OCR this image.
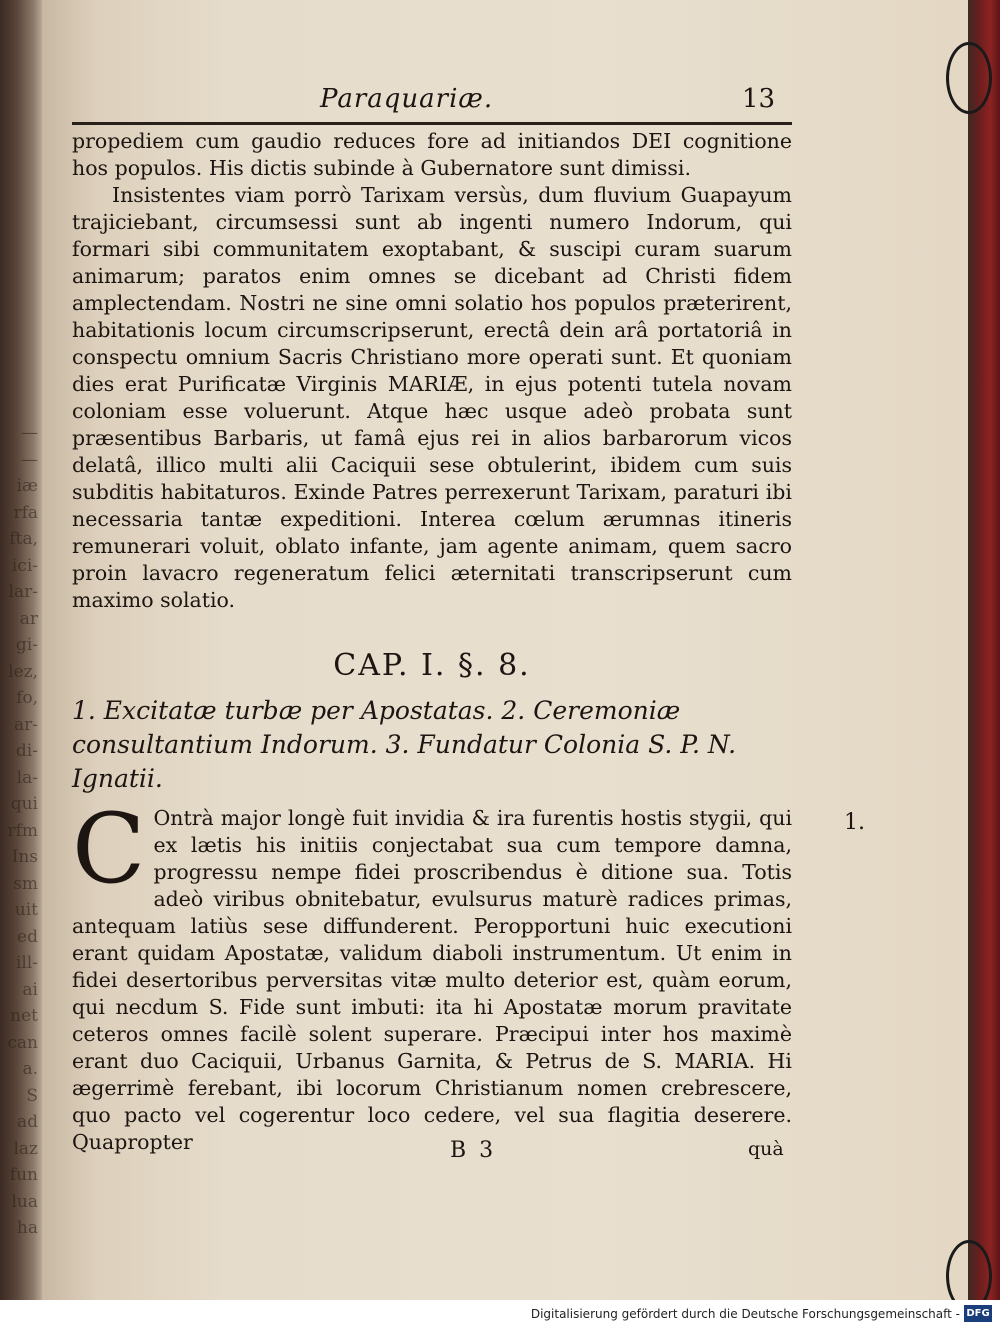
—
—
iæ
rfa
fta,
ici-
lar-
ar
gi-
lez,
fo,
ar-
di-
la-
qui
rfm
Ins
sm
uit
ed
ill-
ai
net
can
a.
S
ad
laz
fun
lua
ha
Paraquariæ.	13

propediem cum gaudio reduces fore ad initiandos DEI cognitione hos populos. His dictis subinde à Gubernatore sunt dimissi.

Insistentes viam porrò Tarixam versùs, dum fluvium Guapayum trajiciebant, circumsessi sunt ab ingenti numero Indorum, qui formari sibi communitatem exoptabant, & suscipi curam suarum animarum; paratos enim omnes se dicebant ad Christi fidem amplectendam. Nostri ne sine omni solatio hos populos præterirent, habitationis locum circumscripserunt, erectâ dein arâ portatoriâ in conspectu omnium Sacris Christiano more operati sunt. Et quoniam dies erat Purificatæ Virginis MARIÆ, in ejus potenti tutela novam coloniam esse voluerunt. Atque hæc usque adeò probata sunt præsentibus Barbaris, ut famâ ejus rei in alios barbarorum vicos delatâ, illico multi alii Caciquii sese obtulerint, ibidem cum suis subditis habitaturos. Exinde Patres perrexerunt Tarixam, paraturi ibi necessaria tantæ expeditioni. Interea cœlum ærumnas itineris remunerari voluit, oblato infante, jam agente animam, quem sacro proin lavacro regeneratum felici æternitati transcripserunt cum maximo solatio.

CAP. I. §. 8.
1. Excitatæ turbæ per Apostatas. 2. Ceremoniæ consultantium Indorum. 3. Fundatur Colonia S. P. N. Ignatii.
C Ontrà major longè fuit invidia & ira furentis hostis stygii, qui ex lætis his initiis conjectabat sua cum tempore damna, progressu nempe fidei proscribendus è ditione sua. Totis adeò viribus obnitebatur, evulsurus maturè radices primas, antequam latiùs sese diffunderent. Peropportuni huic executioni erant quidam Apostatæ, validum diaboli instrumentum. Ut enim in fidei desertoribus perversitas vitæ multo deterior est, quàm eorum, qui necdum S. Fide sunt imbuti: ita hi Apostatæ morum pravitate ceteros omnes facilè solent superare. Præcipui inter hos maximè erant duo Caciquii, Urbanus Garnita, & Petrus de S. MARIA. Hi ægerrimè ferebant, ibi locorum Christianum nomen crebrescere, quo pacto vel cogerentur loco cedere, vel sua flagitia deserere. Quapropter
1.
B 3	quà
Digitalisierung gefördert durch die Deutsche Forschungsgemeinschaft - DFG
